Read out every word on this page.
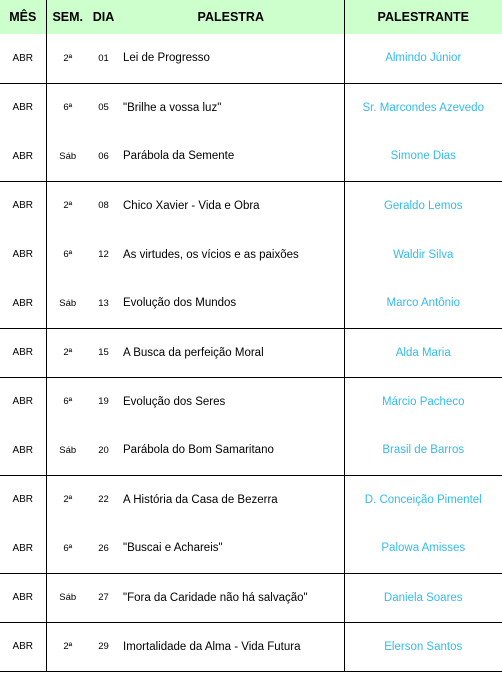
MÊS	SEM.	DIA	PALESTRA	PALESTRANTE
ABR	2ª	01	Lei de Progresso	Almindo Júnior
ABR	6ª	05	"Brilhe a vossa luz"	Sr. Marcondes Azevedo
ABR	Sáb	06	Parábola da Semente	Simone Dias
ABR	2ª	08	Chico Xavier - Vida e Obra	Geraldo Lemos
ABR	6ª	12	As virtudes, os vícios e as paixões	Waldir Silva
ABR	Sáb	13	Evolução dos Mundos	Marco Antônio
ABR	2ª	15	A Busca da perfeição Moral	Alda Maria
ABR	6ª	19	Evolução dos Seres	Márcio Pacheco
ABR	Sáb	20	Parábola do Bom Samaritano	Brasil de Barros
ABR	2ª	22	A História da Casa de Bezerra	D. Conceição Pimentel
ABR	6ª	26	"Buscai e Achareis"	Palowa Amisses
ABR	Sáb	27	"Fora da Caridade não há salvação"	Daniela Soares
ABR	2ª	29	Imortalidade da Alma - Vida Futura	Elerson Santos
